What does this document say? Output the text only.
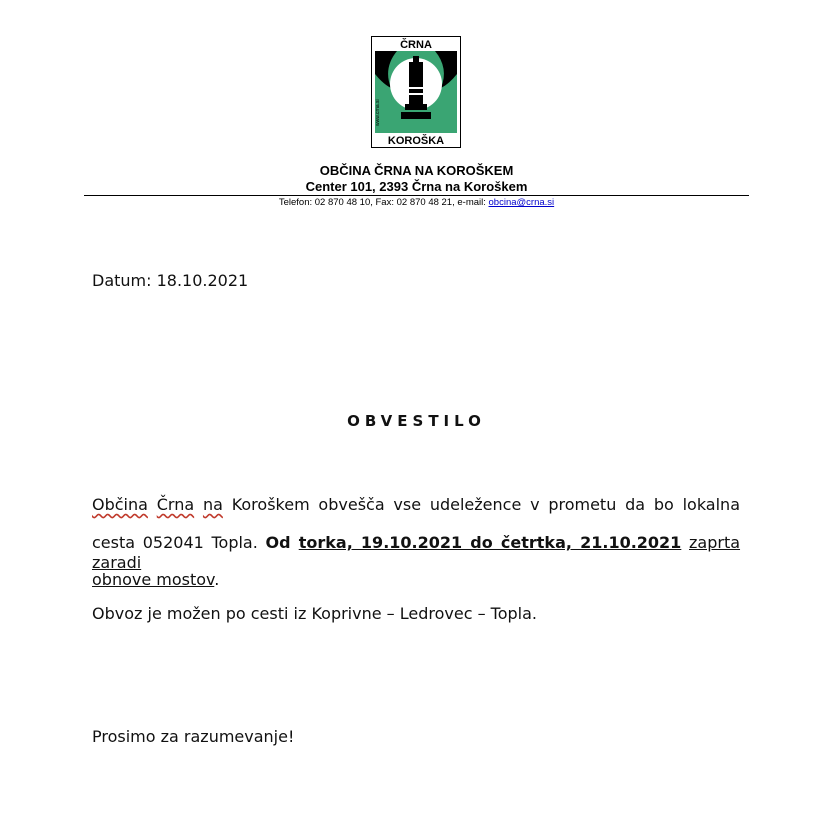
ČRNA
www.crna.si
KOROŠKA
OBČINA ČRNA NA KOROŠKEM
Center 101, 2393 Črna na Koroškem
Telefon: 02 870 48 10, Fax: 02 870 48 21, e-mail: obcina@crna.si
Datum: 18.10.2021
OBVESTILO
Občina Črna na Koroškem obvešča vse udeležence v prometu da bo lokalna
cesta 052041 Topla. Od torka, 19.10.2021 do četrtka, 21.10.2021 zaprta zaradi
obnove mostov.
Obvoz je možen po cesti iz Koprivne – Ledrovec – Topla.
Prosimo za razumevanje!
